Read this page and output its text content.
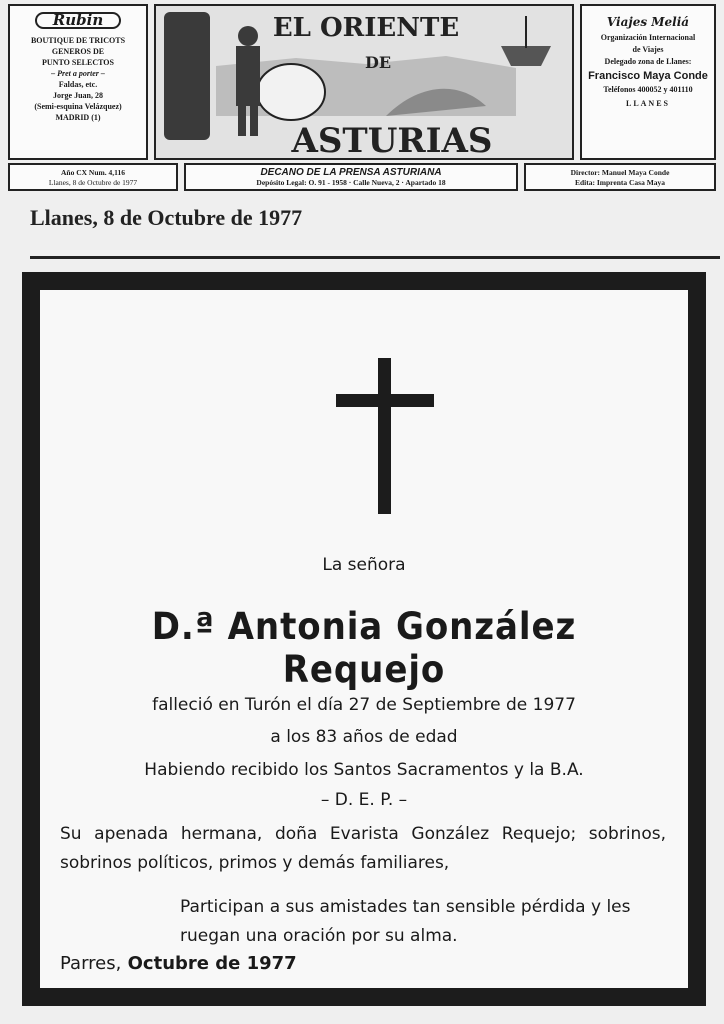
Rubin
BOUTIQUE DE TRICOTS
GENEROS DE
PUNTO SELECTOS
– Pret a porter –
Faldas, etc.
Jorge Juan, 28
(Semi-esquina Velázquez)
MADRID (1)
EL ORIENTE
DE
ASTURIAS
Viajes Meliá
Organización Internacional
de Viajes
Delegado zona de Llanes:
Francisco Maya Conde
Teléfonos 400052 y 401110
LLANES
Año CX Num. 4,116
Llanes, 8 de Octubre de 1977
DECANO DE LA PRENSA ASTURIANA
Depósito Legal: O. 91 - 1958 · Calle Nueva, 2 · Apartado 18
Director: Manuel Maya Conde
Edita: Imprenta Casa Maya
Llanes, 8 de Octubre de 1977
La señora
D.ª Antonia González Requejo
falleció en Turón el día 27 de Septiembre de 1977
a los 83 años de edad
Habiendo recibido los Santos Sacramentos y la B.A.
– D. E. P. –
Su apenada hermana, doña Evarista González Requejo; sobrinos, sobrinos políticos, primos y demás familiares,
Participan a sus amistades tan sensible pérdida y les ruegan una oración por su alma.
Parres, Octubre de 1977
